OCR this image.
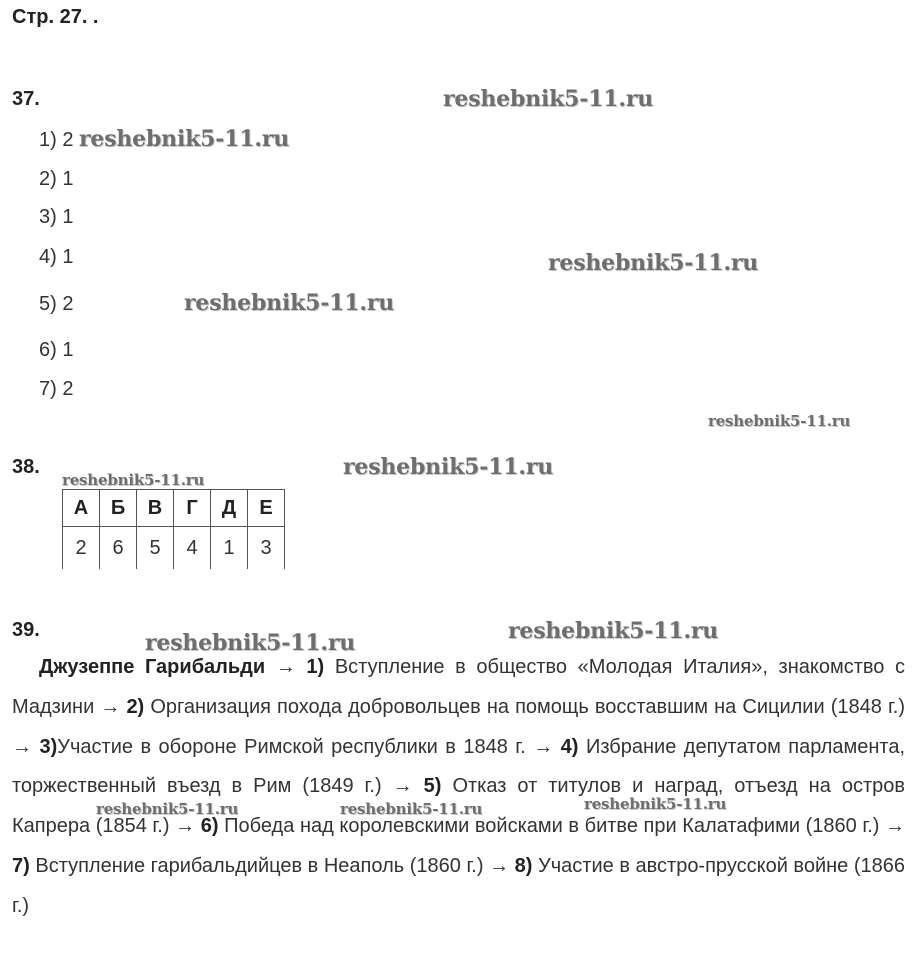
Стр. 27. .
37.
1) 2
2) 1
3) 1
4) 1
5) 2
6) 1
7) 2
38.
А	Б	В	Г	Д	Е
2	6	5	4	1	3
39.
Джузеппе Гарибальди → 1) Вступление в общество «Молодая Италия», знакомство с Мадзини → 2) Организация похода добровольцев на помощь восставшим на Сицилии (1848 г.) → 3)Участие в обороне Римской республики в 1848 г. → 4) Избрание депутатом парламента, торжественный въезд в Рим (1849 г.) → 5) Отказ от титулов и наград, отъезд на остров Капрера (1854 г.) → 6) Победа над королевскими войсками в битве при Калатафими (1860 г.) → 7) Вступление гарибальдийцев в Неаполь (1860 г.) → 8) Участие в австро-прусской войне (1866 г.)
reshebnik5-11.ru
reshebnik5-11.ru
reshebnik5-11.ru
reshebnik5-11.ru
reshebnik5-11.ru
reshebnik5-11.ru
reshebnik5-11.ru
reshebnik5-11.ru	reshebnik5-11.ru
reshebnik5-11.ru	reshebnik5-11.ru	reshebnik5-11.ru
